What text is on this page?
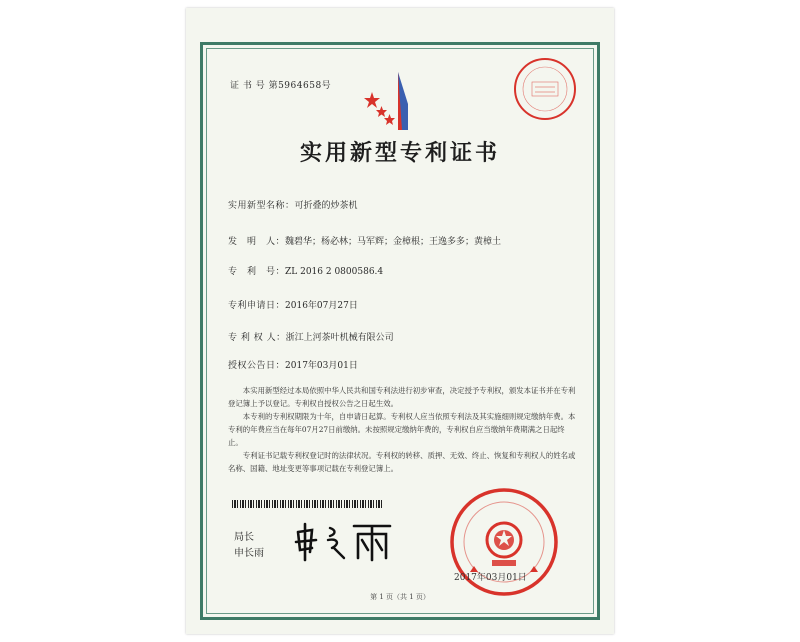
证 书 号 第5964658号
实用新型专利证书
实用新型名称：可折叠的炒茶机
发　明　人：魏碧华；杨必林；马军辉；金樟根；王逸多多；黄樟土
专　利　号：ZL 2016 2 0800586.4
专利申请日：2016年07月27日
专 利 权 人：浙江上河茶叶机械有限公司
授权公告日：2017年03月01日

本实用新型经过本局依照中华人民共和国专利法进行初步审查，决定授予专利权，颁发本证书并在专利登记簿上予以登记。专利权自授权公告之日起生效。

本专利的专利权期限为十年，自申请日起算。专利权人应当依照专利法及其实施细则规定缴纳年费。本专利的年费应当在每年07月27日前缴纳。未按照规定缴纳年费的，专利权自应当缴纳年费期满之日起终止。

专利证书记载专利权登记时的法律状况。专利权的转移、质押、无效、终止、恢复和专利权人的姓名或名称、国籍、地址变更等事项记载在专利登记簿上。

局长
申长雨
2017年03月01日
第 1 页（共 1 页）
